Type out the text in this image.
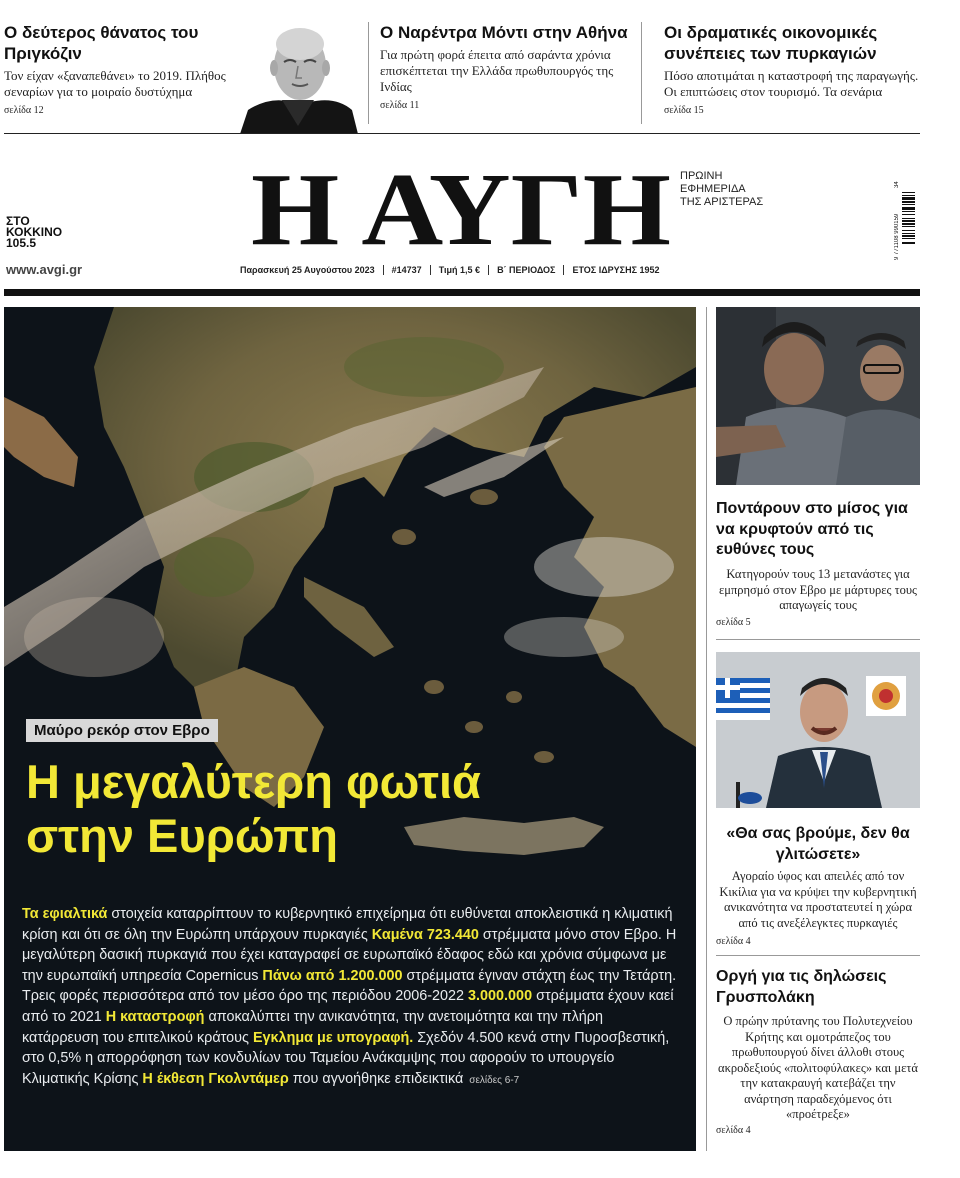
Ο δεύτερος θάνατος του Πριγκόζιν

Τον είχαν «ξαναπεθάνει» το 2019. Πλήθος σεναρίων για το μοιραίο δυστύχημα

σελίδα 12
Ο Ναρέντρα Μόντι στην Αθήνα

Για πρώτη φορά έπειτα από σαράντα χρόνια επισκέπτεται την Ελλάδα πρωθυπουργός της Ινδίας

σελίδα 11
Οι δραματικές οικονομικές συνέπειες των πυρκαγιών

Πόσο αποτιμάται η καταστροφή της παραγωγής. Οι επιπτώσεις στον τουρισμό. Τα σενάρια

σελίδα 15
ΣΤΟ
ΚΟΚΚΙΝΟ
105.5
www.avgi.gr
Η ΑΥΓΗ ΠΡΩΙΝΗ
ΕΦΗΜΕΡΙΔΑ
ΤΗΣ ΑΡΙΣΤΕΡΑΣ
9 771108 990159
34
Παρασκευή 25 Αυγούστου 2023 #14737 Τιμή 1,5 € Β΄ ΠΕΡΙΟΔΟΣ ΕΤΟΣ ΙΔΡΥΣΗΣ 1952
Μαύρο ρεκόρ στον Εβρο
Η μεγαλύτερη φωτιά
στην Ευρώπη

Τα εφιαλτικά στοιχεία καταρρίπτουν το κυβερνητικό επιχείρημα ότι ευθύνεται αποκλειστικά η κλιματική κρίση και ότι σε όλη την Ευρώπη υπάρχουν πυρκαγιές Καμένα 723.440 στρέμματα μόνο στον Εβρο. Η μεγαλύτερη δασική πυρκαγιά που έχει καταγραφεί σε ευρωπαϊκό έδαφος εδώ και χρόνια σύμφωνα με την ευρωπαϊκή υπηρεσία Copernicus Πάνω από 1.200.000 στρέμματα έγιναν στάχτη έως την Τετάρτη. Τρεις φορές περισσότερα από τον μέσο όρο της περιόδου 2006-2022 3.000.000 στρέμματα έχουν καεί από το 2021 Η καταστροφή αποκαλύπτει την ανικανότητα, την ανετοιμότητα και την πλήρη κατάρρευση του επιτελικού κράτους Εγκλημα με υπογραφή. Σχεδόν 4.500 κενά στην Πυροσβεστική, στο 0,5% η απορρόφηση των κονδυλίων του Ταμείου Ανάκαμψης που αφορούν το υπουργείο Κλιματικής Κρίσης Η έκθεση Γκολντάμερ που αγνοήθηκε επιδεικτικά σελίδες 6-7

Ποντάρουν στο μίσος για να κρυφτούν από τις ευθύνες τους
Κατηγορούν τους 13 μετανάστες για εμπρησμό στον Εβρο με μάρτυρες τους απαγωγείς τους
σελίδα 5
«Θα σας βρούμε, δεν θα γλιτώσετε»
Αγοραίο ύφος και απειλές από τον Κικίλια για να κρύψει την κυβερνητική ανικανότητα να προστατευτεί η χώρα από τις ανεξέλεγκτες πυρκαγιές
σελίδα 4
Οργή για τις δηλώσεις Γρυσπολάκη
Ο πρώην πρύτανης του Πολυτεχνείου Κρήτης και ομοτράπεζος του πρωθυπουργού δίνει άλλοθι στους ακροδεξιούς «πολιτοφύλακες» και μετά την κατακραυγή κατεβάζει την ανάρτηση παραδεχόμενος ότι «προέτρεξε»
σελίδα 4
